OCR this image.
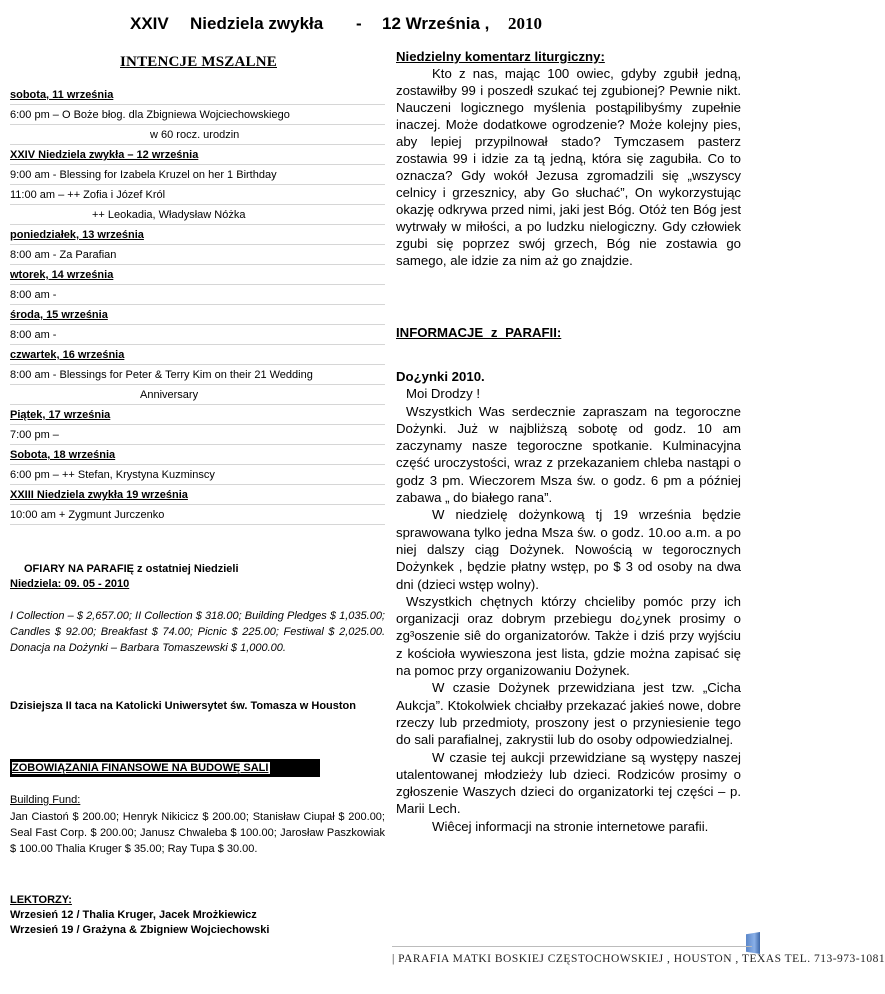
XXIV Niedziela zwykła - 12 Września , 2010
INTENCJE MSZALNE
sobota, 11 września
6:00 pm – O Boże błog. dla Zbigniewa Wojciechowskiego
w 60 rocz. urodzin
XXIV Niedziela zwykła – 12 września
9:00 am - Blessing for Izabela Kruzel on her 1 Birthday
11:00 am – ++ Zofia i Józef Król
++ Leokadia, Władysław Nóżka
poniedziałek, 13 września
8:00 am - Za Parafian
wtorek, 14 września
8:00 am -
środa, 15 września
8:00 am -
czwartek, 16 września
8:00 am - Blessings for Peter & Terry Kim on their 21 Wedding
Anniversary
Piątek, 17 września
7:00 pm –
Sobota, 18 września
6:00 pm – ++ Stefan, Krystyna Kuzminscy
XXIII Niedziela zwykła 19 września
10:00 am + Zygmunt Jurczenko
OFIARY NA PARAFIĘ z ostatniej Niedzieli
Niedziela: 09. 05 - 2010
I Collection – $ 2,657.00; II Collection $ 318.00; Building Pledges $ 1,035.00; Candles $ 92.00; Breakfast $ 74.00; Picnic $ 225.00; Festiwal $ 2,025.00. Donacja na Dożynki – Barbara Tomaszewski $ 1,000.00.
Dzisiejsza II taca na Katolicki Uniwersytet św. Tomasza w Houston
ZOBOWIĄZANIA FINANSOWE NA BUDOWĘ SALI
Building Fund:
Jan Ciastoń $ 200.00; Henryk Nikicicz $ 200.00; Stanisław Ciupał $ 200.00; Seal Fast Corp. $ 200.00; Janusz Chwaleba $ 100.00; Jarosław Paszkowiak $ 100.00 Thalia Kruger $ 35.00; Ray Tupa $ 30.00.
LEKTORZY:
Wrzesień 12 / Thalia Kruger, Jacek Mrożkiewicz
Wrzesień 19 / Grażyna & Zbigniew Wojciechowski

Niedzielny komentarz liturgiczny:

Kto z nas, mając 100 owiec, gdyby zgubił jedną, zostawiłby 99 i poszedł szukać tej zgubionej? Pewnie nikt. Nauczeni logicznego myślenia postąpilibyśmy zupełnie inaczej. Może dodatkowe ogrodzenie? Może kolejny pies, aby lepiej przypilnował stado? Tymczasem pasterz zostawia 99 i idzie za tą jedną, która się zagubiła. Co to oznacza? Gdy wokół Jezusa zgromadzili się „wszyscy celnicy i grzesznicy, aby Go słuchać”, On wykorzystując okazję odkrywa przed nimi, jaki jest Bóg. Otóż ten Bóg jest wytrwały w miłości, a po ludzku nielogiczny. Gdy człowiek zgubi się poprzez swój grzech, Bóg nie zostawia go samego, ale idzie za nim aż go znajdzie.

INFORMACJE z PARAFII:

Do¿ynki 2010.

Moi Drodzy !

Wszystkich Was serdecznie zapraszam na tegoroczne Dożynki. Już w najbliższą sobotę od godz. 10 am zaczynamy nasze tegoroczne spotkanie. Kulminacyjna część uroczystości, wraz z przekazaniem chleba nastąpi o godz 3 pm. Wieczorem Msza św. o godz. 6 pm a później zabawa „ do białego rana”.

W niedzielę dożynkową tj 19 września będzie sprawowana tylko jedna Msza św. o godz. 10.oo a.m. a po niej dalszy ciąg Dożynek. Nowością w tegorocznych Dożynkek , będzie płatny wstęp, po $ 3 od osoby na dwa dni (dzieci wstęp wolny).

Wszystkich chętnych którzy chcieliby pomóc przy ich organizacji oraz dobrym przebiegu do¿ynek prosimy o zg³oszenie siê do organizatorów. Także i dziś przy wyjściu z kościoła wywieszona jest lista, gdzie można zapisać się na pomoc przy organizowaniu Dożynek.

W czasie Dożynek przewidziana jest tzw. „Cicha Aukcja”. Ktokolwiek chciałby przekazać jakieś nowe, dobre rzeczy lub przedmioty, proszony jest o przyniesienie tego do sali parafialnej, zakrystii lub do osoby odpowiedzialnej.

W czasie tej aukcji przewidziane są występy naszej utalentowanej młodzieży lub dzieci. Rodziców prosimy o zgłoszenie Waszych dzieci do organizatorki tej części – p. Marii Lech.

Wiêcej informacji na stronie internetowe parafii.

| PARAFIA MATKI BOSKIEJ CZĘSTOCHOWSKIEJ , HOUSTON , TEXAS TEL. 713-973-1081
